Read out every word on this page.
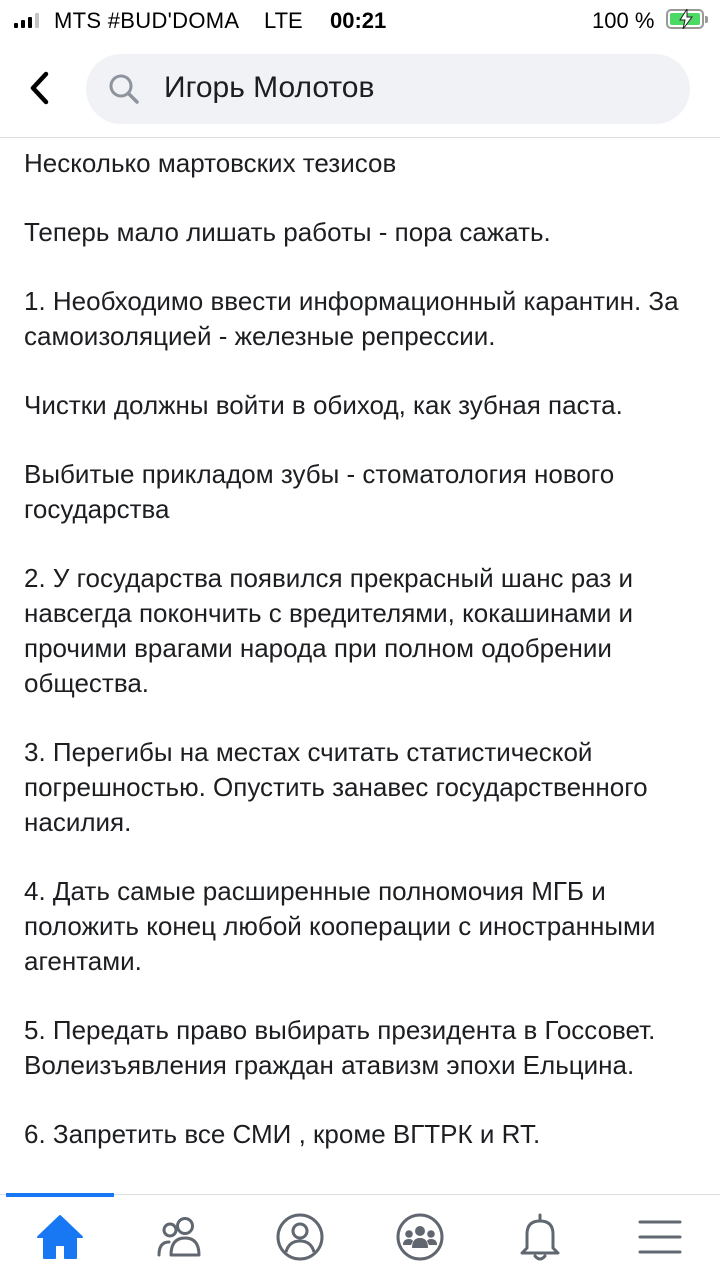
MTS #BUD'DOMA LTE 00:21	100 %
Игорь Молотов

Несколько мартовских тезисов

Теперь мало лишать работы - пора сажать.

1. Необходимо ввести информационный карантин. За самоизоляцией - железные репрессии.

Чистки должны войти в обиход, как зубная паста.

Выбитые прикладом зубы - стоматология нового государства

2. У государства появился прекрасный шанс раз и навсегда покончить с вредителями, кокашинами и прочими врагами народа при полном одобрении общества.

3. Перегибы на местах считать статистической погрешностью. Опустить занавес государственного насилия.

4. Дать самые расширенные полномочия МГБ и положить конец любой кооперации с иностранными агентами.

5. Передать право выбирать президента в Госсовет. Волеизъявления граждан атавизм эпохи Ельцина.

6. Запретить все СМИ , кроме ВГТРК и RT.
